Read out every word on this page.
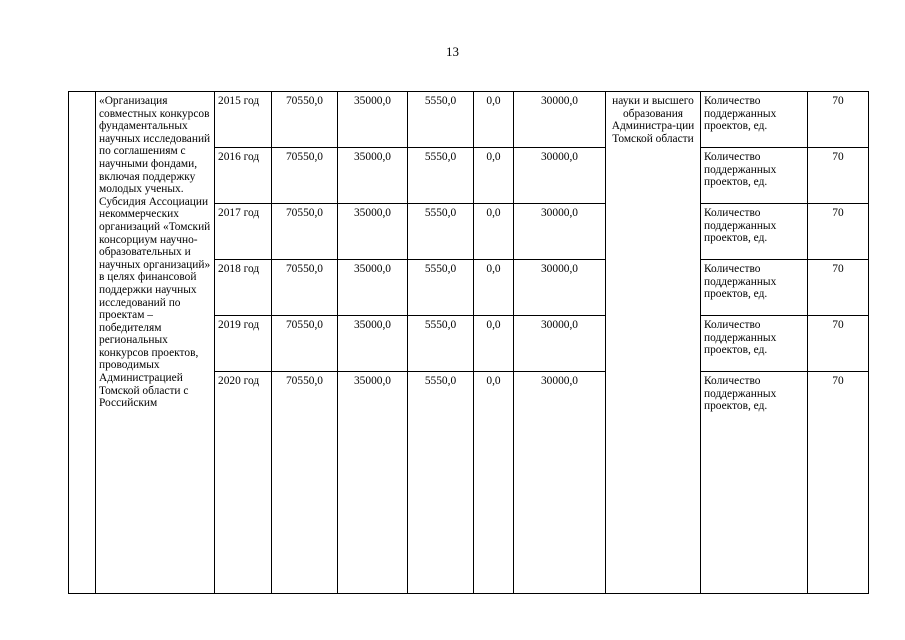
13
	«Организация совместных конкурсов фундаментальных научных исследований по соглашениям с научными фондами, включая поддержку молодых ученых. Субсидия Ассоциации некоммерческих организаций «Томский консорциум научно-образовательных и научных организаций» в целях финансовой поддержки научных исследований по проектам – победителям региональных конкурсов проектов, проводимых Администрацией Томской области с Российским	2015 год	70550,0	35000,0	5550,0	0,0	30000,0	науки и высшего образования Администра-ции Томской области	Количество поддержанных проектов, ед.	70
		2016 год	70550,0	35000,0	5550,0	0,0	30000,0		Количество поддержанных проектов, ед.	70
		2017 год	70550,0	35000,0	5550,0	0,0	30000,0		Количество поддержанных проектов, ед.	70
		2018 год	70550,0	35000,0	5550,0	0,0	30000,0		Количество поддержанных проектов, ед.	70
		2019 год	70550,0	35000,0	5550,0	0,0	30000,0		Количество поддержанных проектов, ед.	70
		2020 год	70550,0	35000,0	5550,0	0,0	30000,0		Количество поддержанных проектов, ед.	70
